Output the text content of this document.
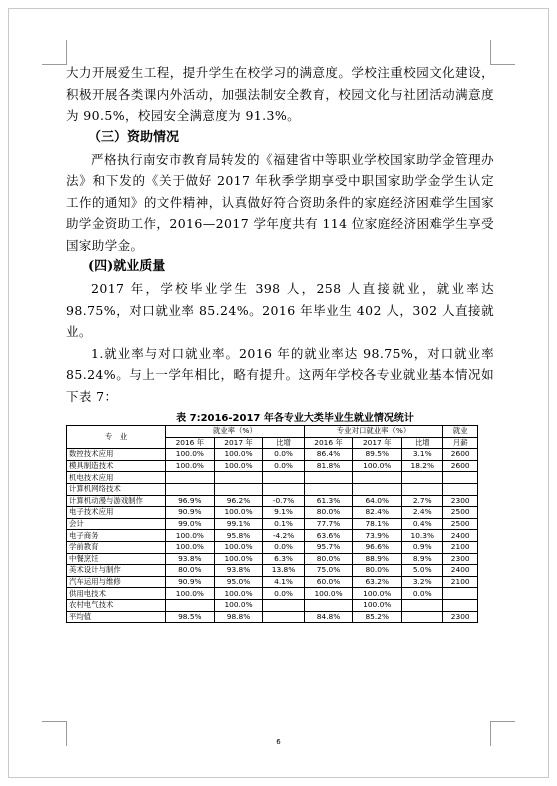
大力开展爱生工程，提升学生在校学习的满意度。学校注重校园文化建设，积极开展各类课内外活动，加强法制安全教育，校园文化与社团活动满意度为 90.5%，校园安全满意度为 91.3%。

（三）资助情况

严格执行南安市教育局转发的《福建省中等职业学校国家助学金管理办法》和下发的《关于做好 2017 年秋季学期享受中职国家助学金学生认定工作的通知》的文件精神，认真做好符合资助条件的家庭经济困难学生国家助学金资助工作，2016—2017 学年度共有 114 位家庭经济困难学生享受国家助学金。

(四)就业质量

2017 年，学校毕业学生 398 人，258 人直接就业，就业率达 98.75%，对口就业率 85.24%。2016 年毕业生 402 人，302 人直接就业。

1.就业率与对口就业率。2016 年的就业率达 98.75%，对口就业率 85.24%。与上一学年相比，略有提升。这两年学校各专业就业基本情况如下表 7：

表 7:2016-2017 年各专业大类毕业生就业情况统计
专　业	就业率（%）			专业对口就业率（%）			就业
	2016 年	2017 年	比增	2016 年	2017 年	比增	月薪
数控技术应用	100.0%	100.0%	0.0%	86.4%	89.5%	3.1%	2600
模具制造技术	100.0%	100.0%	0.0%	81.8%	100.0%	18.2%	2600
机电技术应用							
计算机网络技术							
计算机动漫与游戏制作	96.9%	96.2%	-0.7%	61.3%	64.0%	2.7%	2300
电子技术应用	90.9%	100.0%	9.1%	80.0%	82.4%	2.4%	2500
会计	99.0%	99.1%	0.1%	77.7%	78.1%	0.4%	2500
电子商务	100.0%	95.8%	-4.2%	63.6%	73.9%	10.3%	2400
学前教育	100.0%	100.0%	0.0%	95.7%	96.6%	0.9%	2100
中餐烹饪	93.8%	100.0%	6.3%	80.0%	88.9%	8.9%	2300
美术设计与制作	80.0%	93.8%	13.8%	75.0%	80.0%	5.0%	2400
汽车运用与维修	90.9%	95.0%	4.1%	60.0%	63.2%	3.2%	2100
供用电技术	100.0%	100.0%	0.0%	100.0%	100.0%	0.0%	
农村电气技术		100.0%			100.0%		
平均值	98.5%	98.8%		84.8%	85.2%		2300
6
